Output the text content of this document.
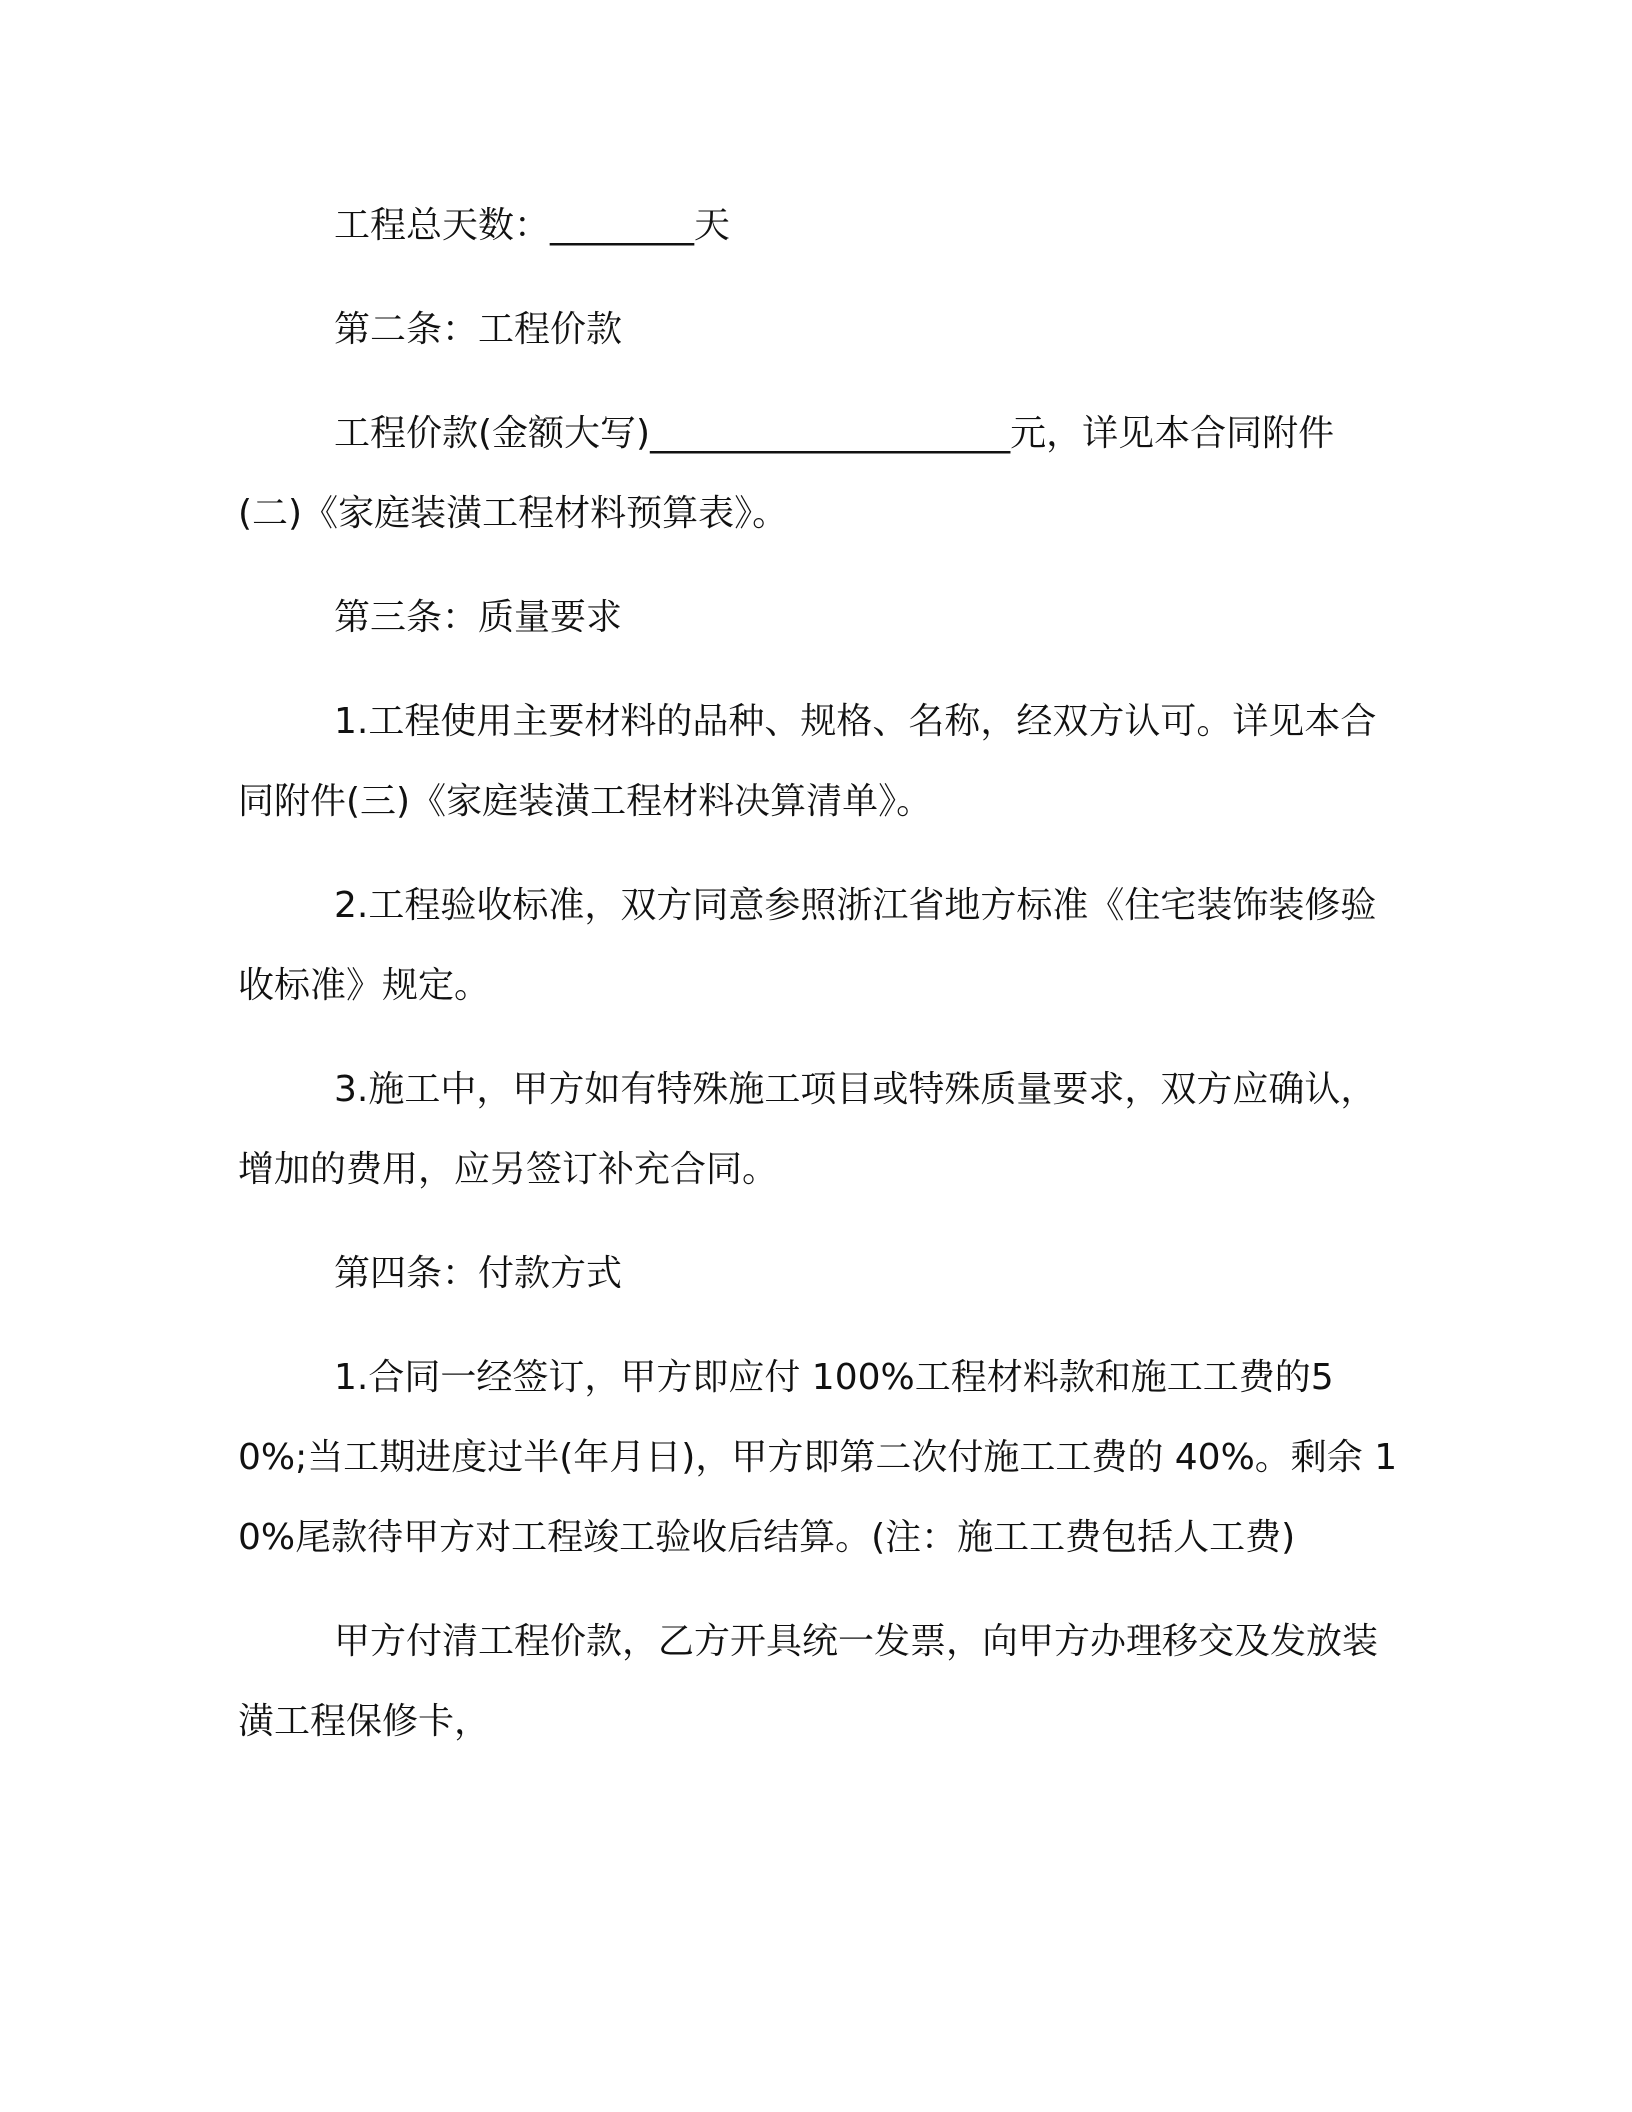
工程总天数：________天

第二条：工程价款

工程价款(金额大写)____________________元，详见本合同附件(二)《家庭装潢工程材料预算表》。

第三条：质量要求

1.工程使用主要材料的品种、规格、名称，经双方认可。详见本合同附件(三)《家庭装潢工程材料决算清单》。

2.工程验收标准，双方同意参照浙江省地方标准《住宅装饰装修验收标准》规定。

3.施工中，甲方如有特殊施工项目或特殊质量要求，双方应确认，增加的费用，应另签订补充合同。

第四条：付款方式

1.合同一经签订，甲方即应付 100%工程材料款和施工工费的50%;当工期进度过半(年月日)，甲方即第二次付施工工费的 40%。剩余 10%尾款待甲方对工程竣工验收后结算。(注：施工工费包括人工费)

甲方付清工程价款，乙方开具统一发票，向甲方办理移交及发放装潢工程保修卡，
